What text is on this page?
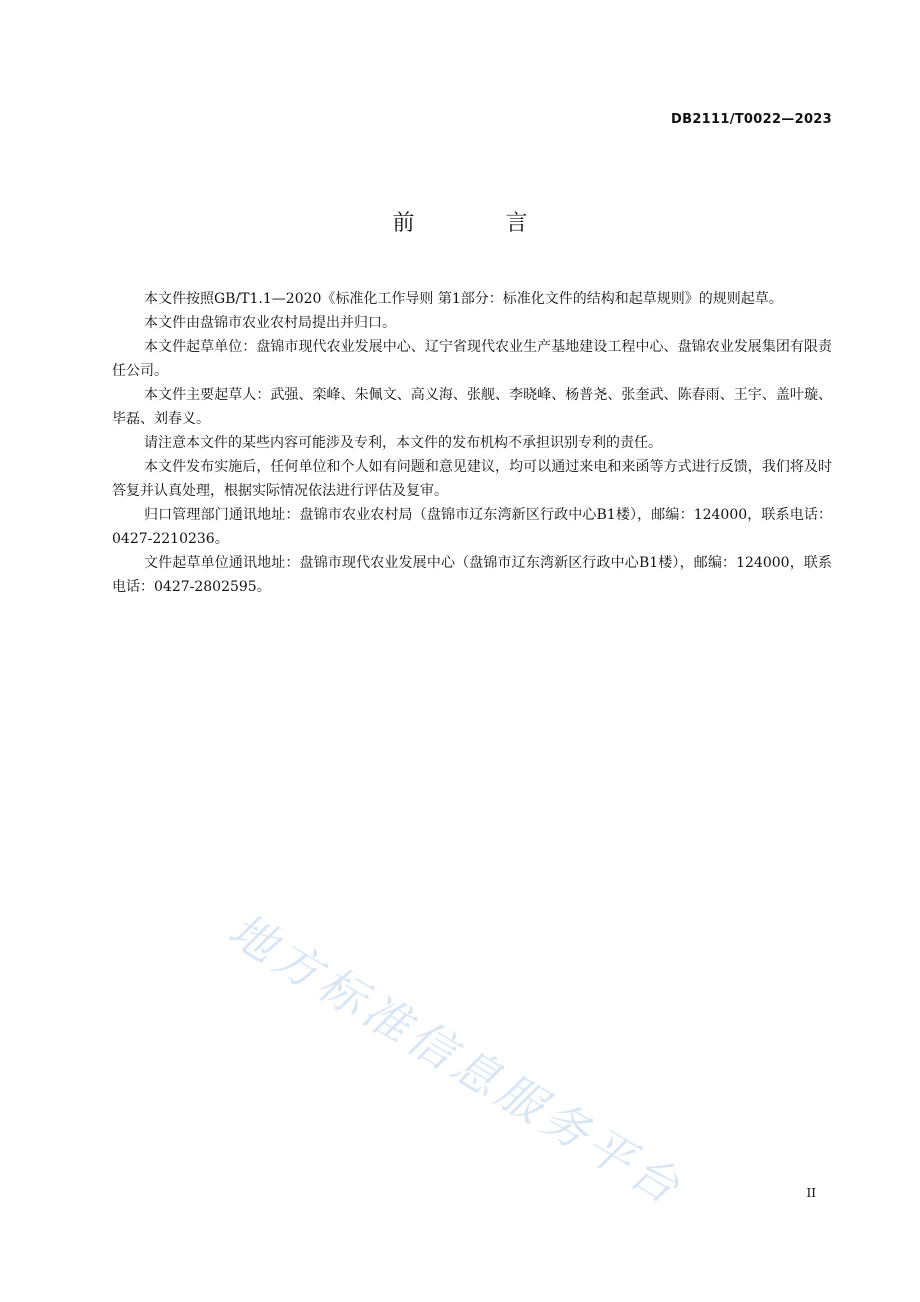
DB2111/T0022—2023
前 言

本文件按照GB/T1.1—2020《标准化工作导则 第1部分：标准化文件的结构和起草规则》的规则起草。

本文件由盘锦市农业农村局提出并归口。

本文件起草单位：盘锦市现代农业发展中心、辽宁省现代农业生产基地建设工程中心、盘锦农业发展集团有限责任公司。

本文件主要起草人：武强、栾峰、朱佩文、高义海、张舰、李晓峰、杨普尧、张奎武、陈春雨、王宇、盖叶璇、毕磊、刘春义。

请注意本文件的某些内容可能涉及专利，本文件的发布机构不承担识别专利的责任。

本文件发布实施后，任何单位和个人如有问题和意见建议，均可以通过来电和来函等方式进行反馈，我们将及时答复并认真处理，根据实际情况依法进行评估及复审。

归口管理部门通讯地址：盘锦市农业农村局（盘锦市辽东湾新区行政中心B1楼），邮编：124000，联系电话：0427-2210236。

文件起草单位通讯地址：盘锦市现代农业发展中心（盘锦市辽东湾新区行政中心B1楼），邮编：124000，联系电话：0427-2802595。

地方标准信息服务平台	II
